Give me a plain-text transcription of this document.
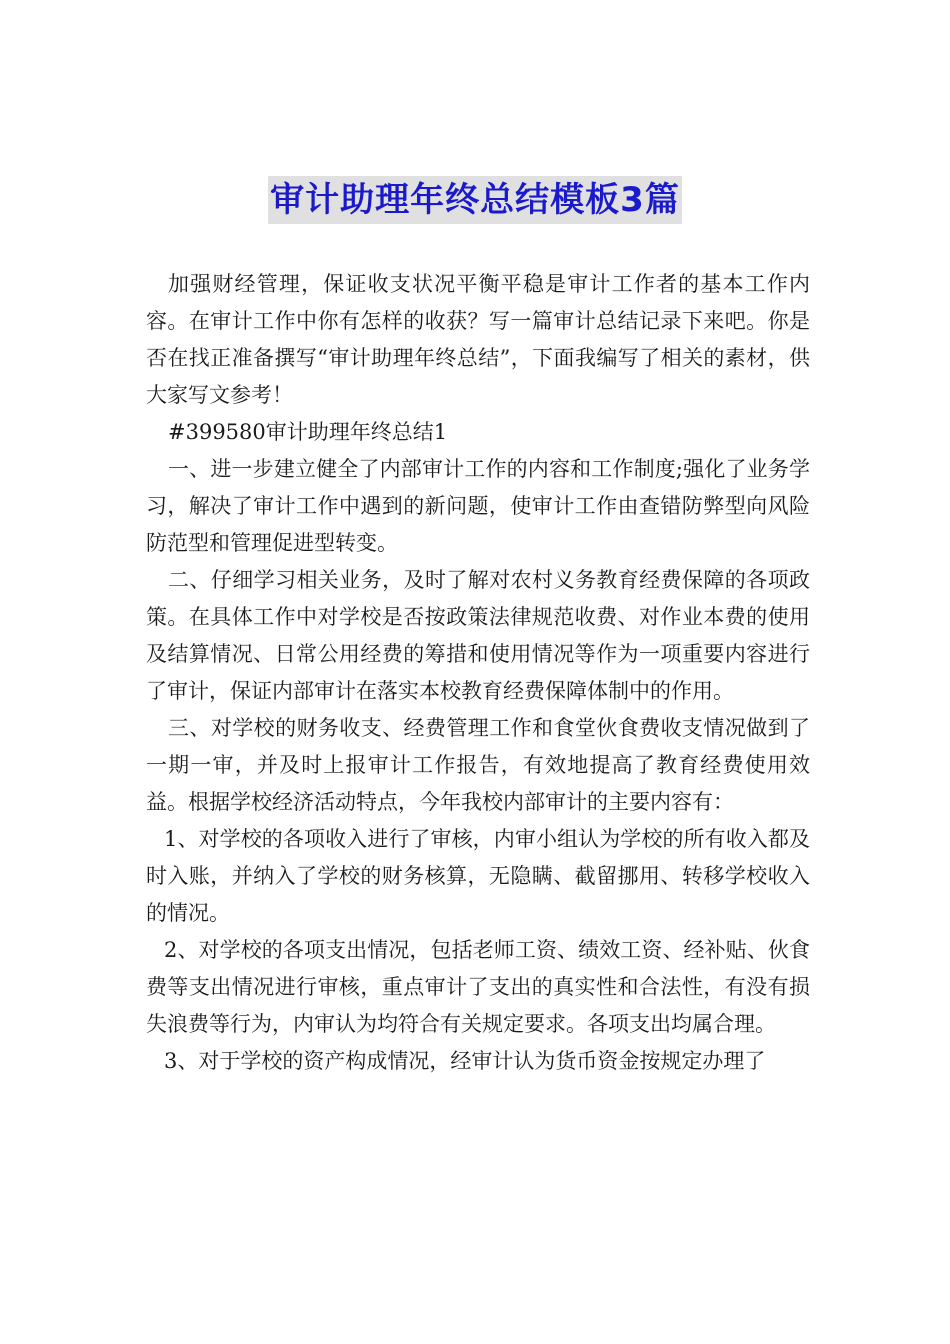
审计助理年终总结模板3篇

加强财经管理，保证收支状况平衡平稳是审计工作者的基本工作内容。在审计工作中你有怎样的收获？写一篇审计总结记录下来吧。你是否在找正准备撰写“审计助理年终总结”，下面我编写了相关的素材，供大家写文参考！

#399580审计助理年终总结1

一、进一步建立健全了内部审计工作的内容和工作制度;强化了业务学习，解决了审计工作中遇到的新问题，使审计工作由查错防弊型向风险防范型和管理促进型转变。

二、仔细学习相关业务，及时了解对农村义务教育经费保障的各项政策。在具体工作中对学校是否按政策法律规范收费、对作业本费的使用及结算情况、日常公用经费的筹措和使用情况等作为一项重要内容进行了审计，保证内部审计在落实本校教育经费保障体制中的作用。

三、对学校的财务收支、经费管理工作和食堂伙食费收支情况做到了一期一审，并及时上报审计工作报告，有效地提高了教育经费使用效益。根据学校经济活动特点，今年我校内部审计的主要内容有：

1、对学校的各项收入进行了审核，内审小组认为学校的所有收入都及时入账，并纳入了学校的财务核算，无隐瞒、截留挪用、转移学校收入的情况。

2、对学校的各项支出情况，包括老师工资、绩效工资、经补贴、伙食费等支出情况进行审核，重点审计了支出的真实性和合法性，有没有损失浪费等行为，内审认为均符合有关规定要求。各项支出均属合理。

3、对于学校的资产构成情况，经审计认为货币资金按规定办理了
